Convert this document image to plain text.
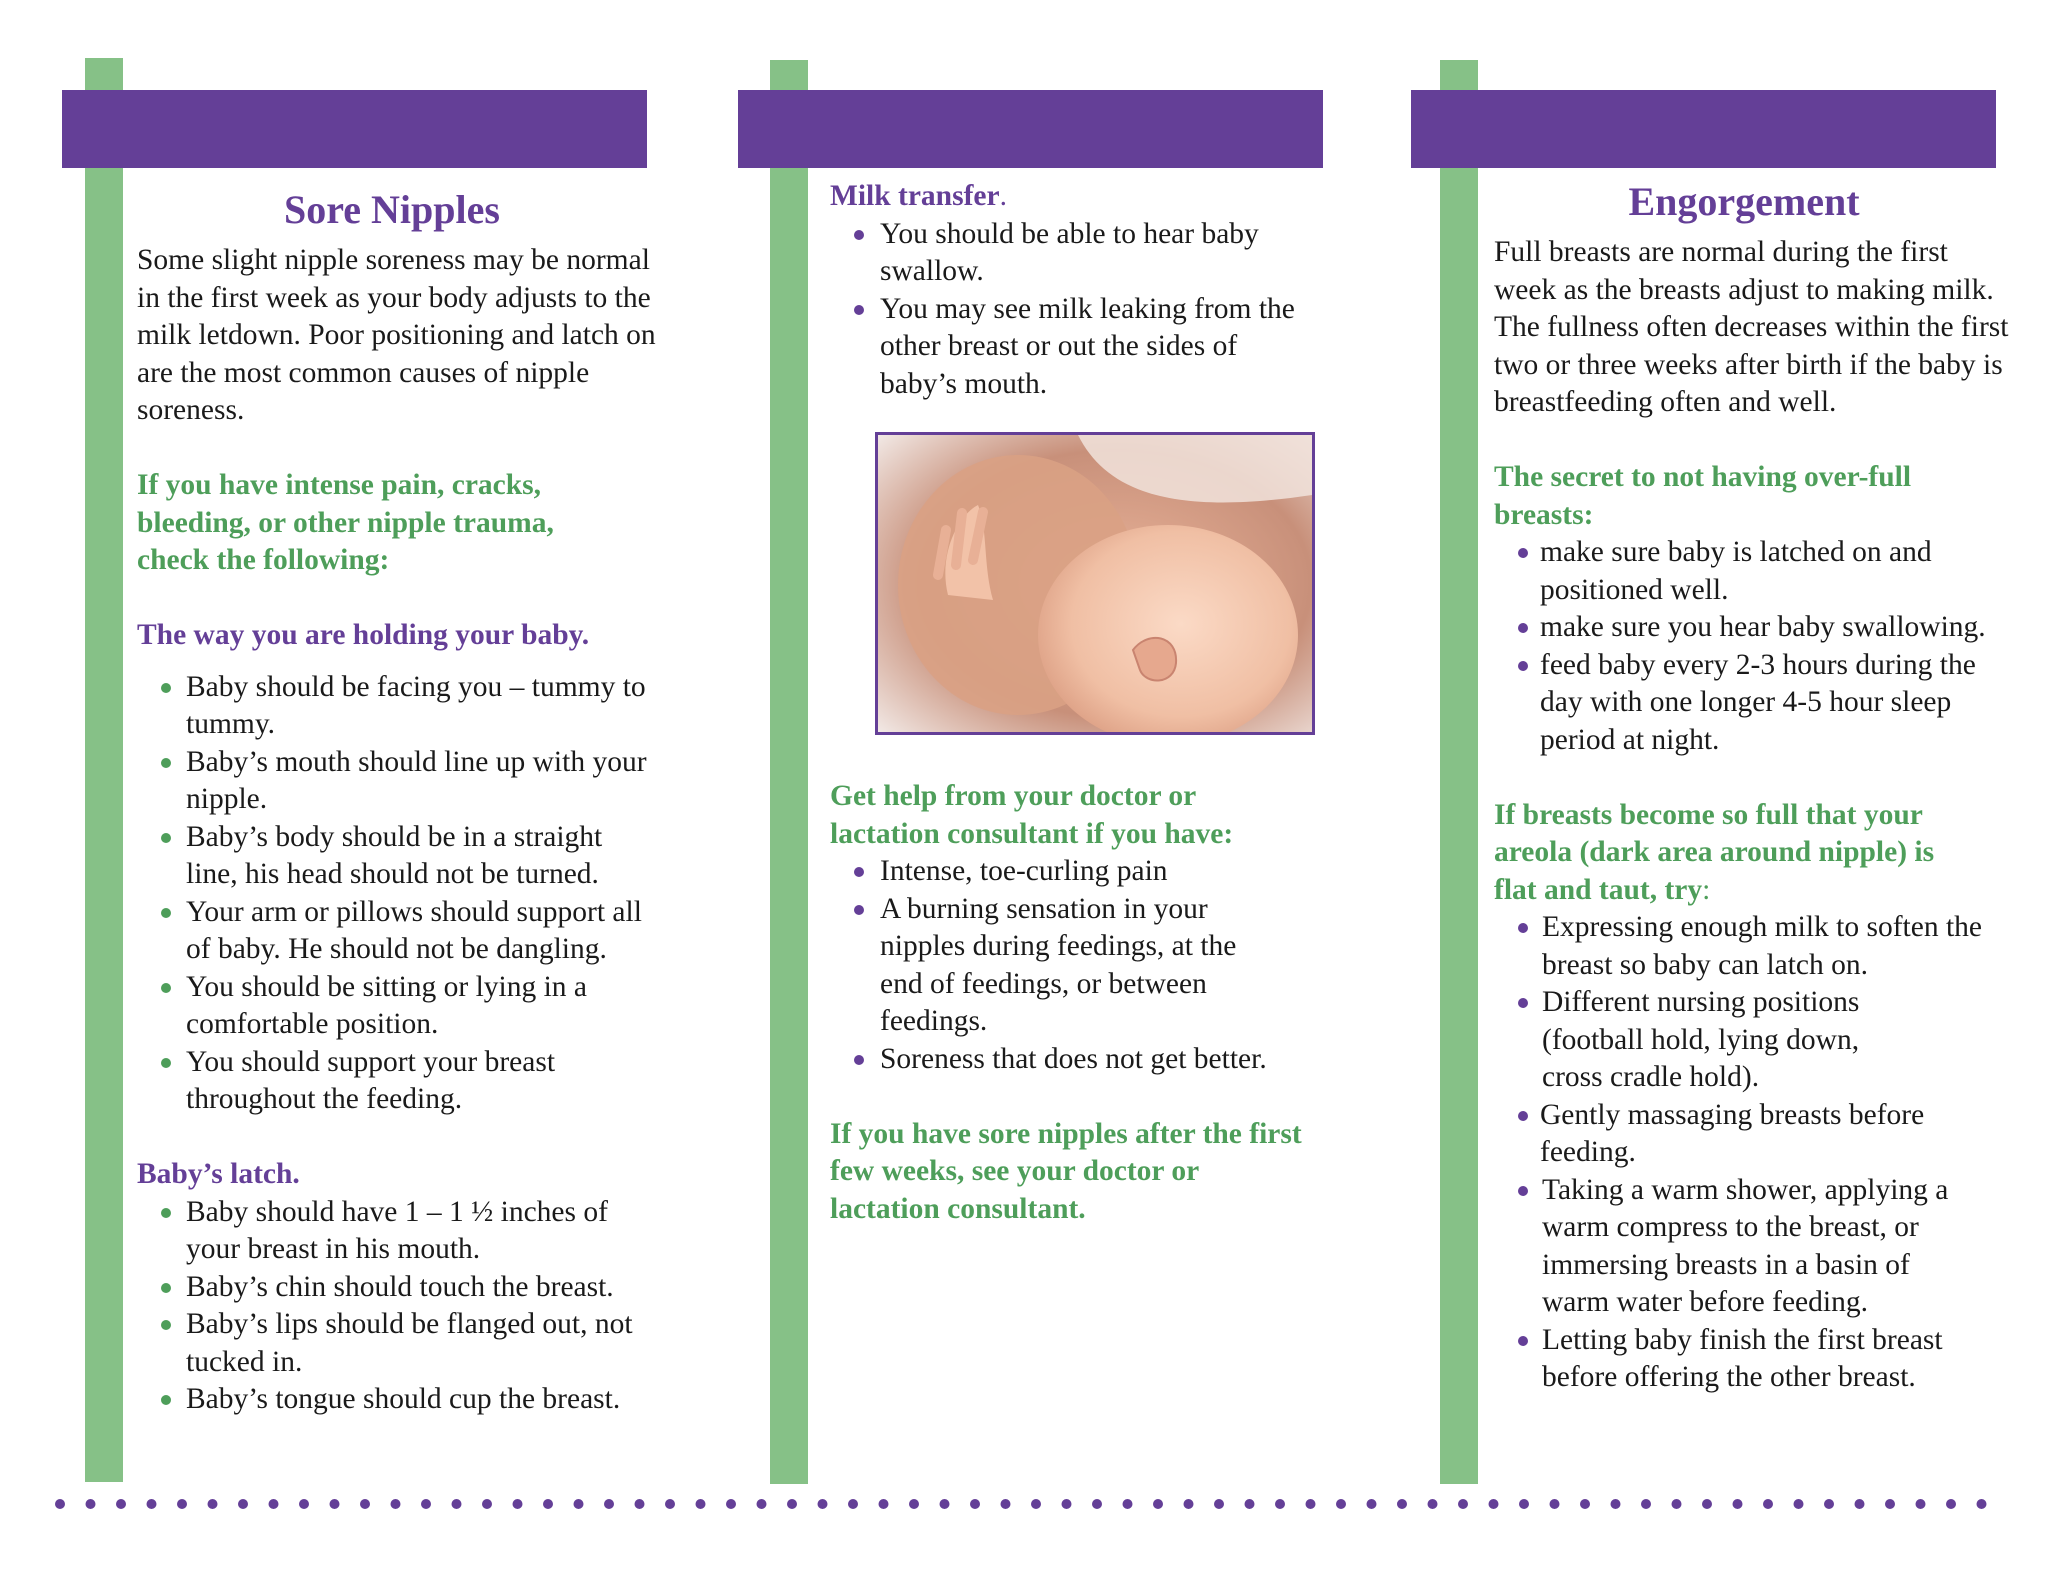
Sore Nipples

Some slight nipple soreness may be normal in the first week as your body adjusts to the milk letdown. Poor positioning and latch on are the most common causes of nipple soreness.

If you have intense pain, cracks, bleeding, or other nipple trauma, check the following:

The way you are holding your baby.

Baby should be facing you – tummy to tummy.
Baby’s mouth should line up with your nipple.
Baby’s body should be in a straight line, his head should not be turned.
Your arm or pillows should support all of baby. He should not be dangling.
You should be sitting or lying in a comfortable position.
You should support your breast throughout the feeding.

Baby’s latch.

Baby should have 1 – 1 ½ inches of your breast in his mouth.
Baby’s chin should touch the breast.
Baby’s lips should be flanged out, not tucked in.
Baby’s tongue should cup the breast.

Milk transfer.

You should be able to hear baby swallow.
You may see milk leaking from the other breast or out the sides of baby’s mouth.

Get help from your doctor or lactation consultant if you have:

Intense, toe-curling pain
A burning sensation in your nipples during feedings, at the end of feedings, or between feedings.
Soreness that does not get better.

If you have sore nipples after the first few weeks, see your doctor or lactation consultant.

Engorgement

Full breasts are normal during the first week as the breasts adjust to making milk. The fullness often decreases within the first two or three weeks after birth if the baby is breastfeeding often and well.

The secret to not having over-full breasts:

make sure baby is latched on and positioned well.
make sure you hear baby swallowing.
feed baby every 2-3 hours during the day with one longer 4-5 hour sleep period at night.

If breasts become so full that your areola (dark area around nipple) is flat and taut, try:

Expressing enough milk to soften the breast so baby can latch on.
Different nursing positions (football hold, lying down, cross cradle hold).
Gently massaging breasts before feeding.
Taking a warm shower, applying a warm compress to the breast, or immersing breasts in a basin of warm water before feeding.
Letting baby finish the first breast before offering the other breast.
